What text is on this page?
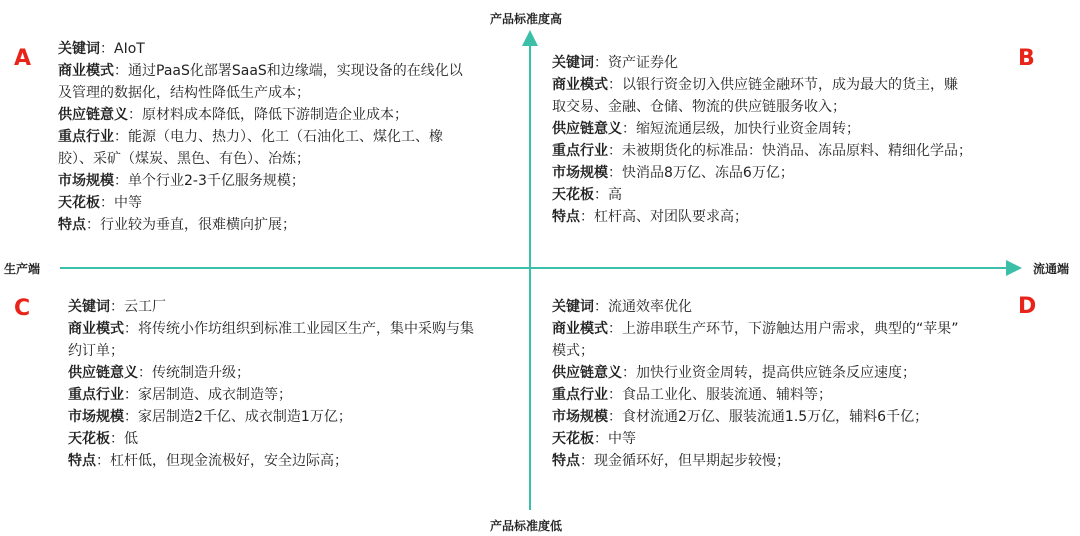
产品标准度高
产品标准度低
生产端	流通端
A	B
C	D

关键词：AIoT

商业模式：通过PaaS化部署SaaS和边缘端，实现设备的在线化以

及管理的数据化，结构性降低生产成本；

供应链意义：原材料成本降低，降低下游制造企业成本；

重点行业：能源（电力、热力）、化工（石油化工、煤化工、橡

胶）、采矿（煤炭、黑色、有色）、冶炼；

市场规模：单个行业2-3千亿服务规模；

天花板：中等

特点：行业较为垂直，很难横向扩展；

关键词：资产证券化

商业模式：以银行资金切入供应链金融环节，成为最大的货主，赚

取交易、金融、仓储、物流的供应链服务收入；

供应链意义：缩短流通层级，加快行业资金周转；

重点行业：未被期货化的标准品：快消品、冻品原料、精细化学品；

市场规模：快消品8万亿、冻品6万亿；

天花板：高

特点：杠杆高、对团队要求高；

关键词：云工厂

商业模式：将传统小作坊组织到标准工业园区生产，集中采购与集

约订单；

供应链意义：传统制造升级；

重点行业：家居制造、成衣制造等；

市场规模：家居制造2千亿、成衣制造1万亿；

天花板：低

特点：杠杆低，但现金流极好，安全边际高；

关键词：流通效率优化

商业模式：上游串联生产环节，下游触达用户需求，典型的“苹果”

模式；

供应链意义：加快行业资金周转，提高供应链条反应速度；

重点行业：食品工业化、服装流通、辅料等；

市场规模：食材流通2万亿、服装流通1.5万亿，辅料6千亿；

天花板：中等

特点：现金循环好，但早期起步较慢；
